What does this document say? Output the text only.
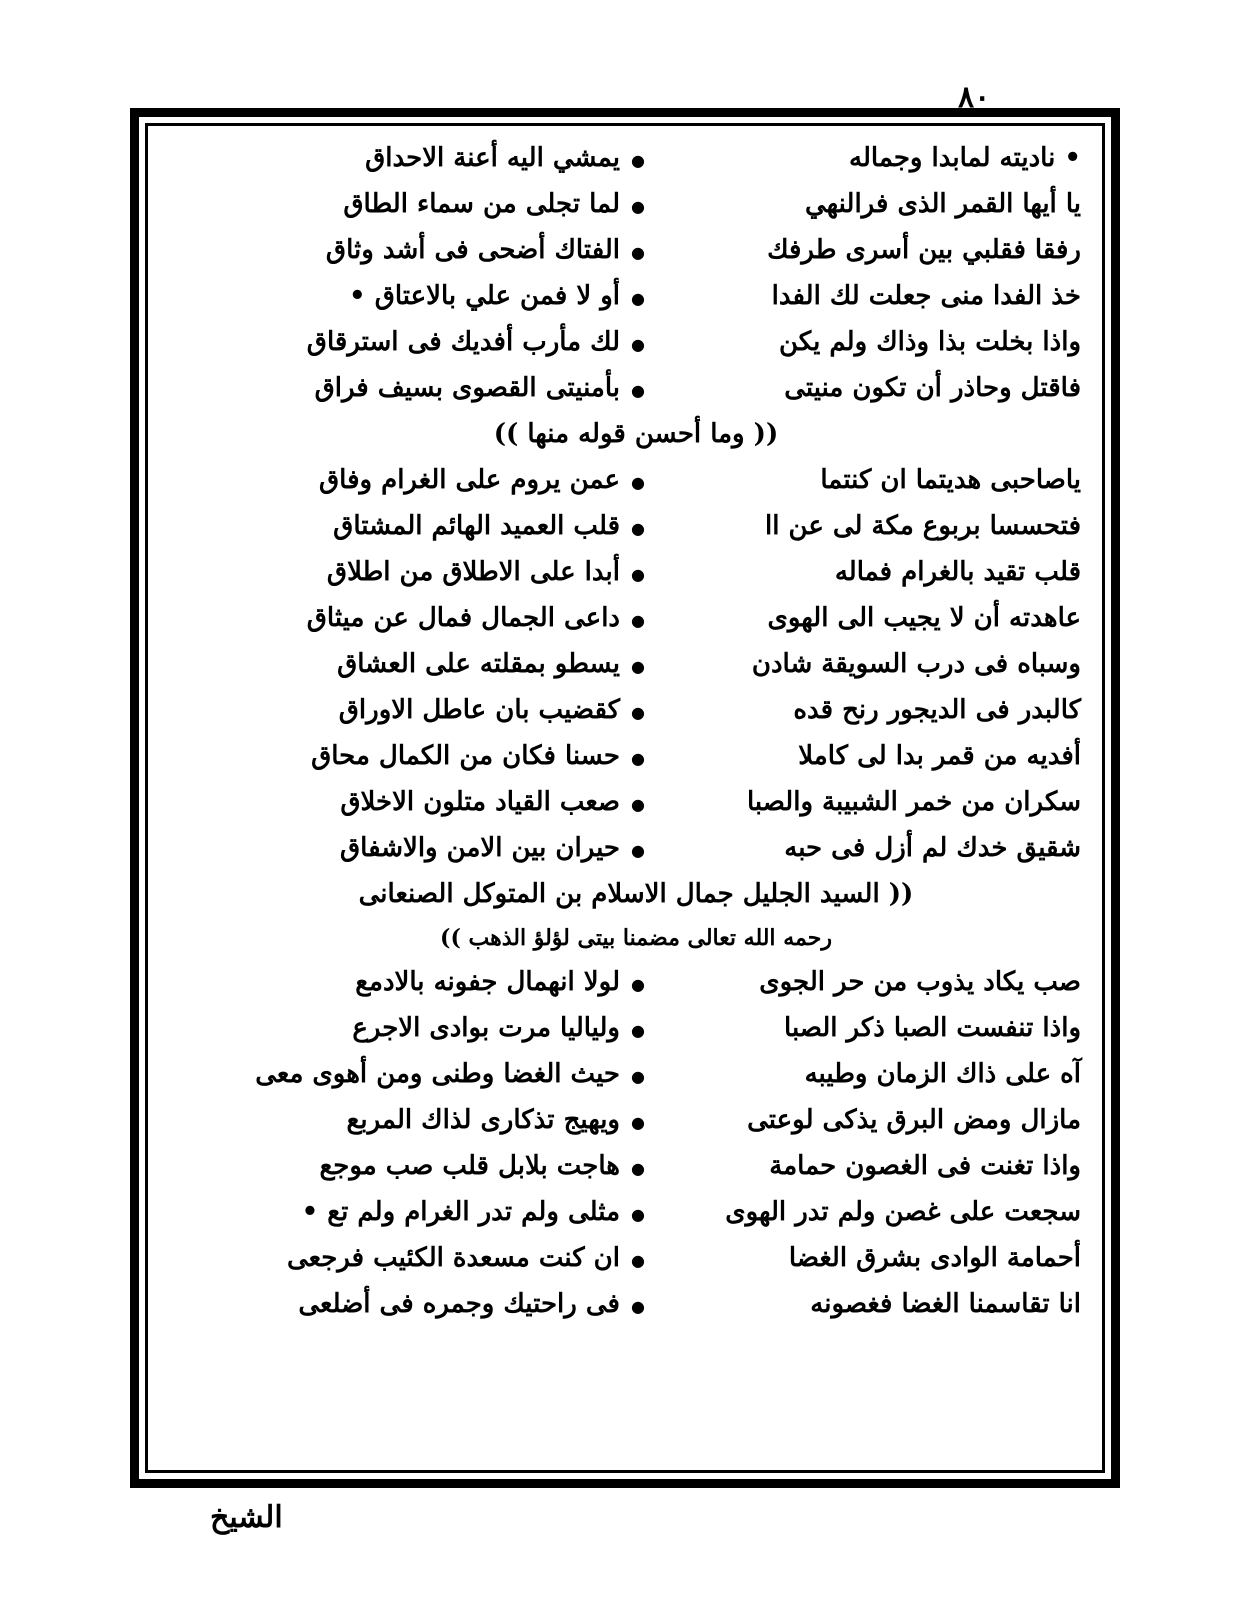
٨٠
• ناديته لمابدا وجماله
●
يمشي اليه أعنة الاحداق
يا أيها القمر الذى فرالنهي
●
لما تجلى من سماء الطاق
رفقا فقلبي بين أسرى طرفك
●
الفتاك أضحى فى أشد وثاق
خذ الفدا منى جعلت لك الفدا
●
أو لا فمن علي بالاعتاق •
واذا بخلت بذا وذاك ولم يكن
●
لك مأرب أفديك فى استرقاق
فاقتل وحاذر أن تكون منيتى
●
بأمنيتى القصوى بسيف فراق
(( وما أحسن قوله منها ))
ياصاحبى هديتما ان كنتما
●
عمن يروم على الغرام وفاق
فتحسسا بربوع مكة لى عن اا
●
قلب العميد الهائم المشتاق
قلب تقيد بالغرام فماله
●
أبدا على الاطلاق من اطلاق
عاهدته أن لا يجيب الى الهوى
●
داعى الجمال فمال عن ميثاق
وسباه فى درب السويقة شادن
●
يسطو بمقلته على العشاق
كالبدر فى الديجور رنح قده
●
كقضيب بان عاطل الاوراق
أفديه من قمر بدا لى كاملا
●
حسنا فكان من الكمال محاق
سكران من خمر الشبيبة والصبا
●
صعب القياد متلون الاخلاق
شقيق خدك لم أزل فى حبه
●
حيران بين الامن والاشفاق
(( السيد الجليل جمال الاسلام بن المتوكل الصنعانى
رحمه الله تعالى مضمنا بيتى لؤلؤ الذهب ))
صب يكاد يذوب من حر الجوى
●
لولا انهمال جفونه بالادمع
واذا تنفست الصبا ذكر الصبا
●
ولياليا مرت بوادى الاجرع
آه على ذاك الزمان وطيبه
●
حيث الغضا وطنى ومن أهوى معى
مازال ومض البرق يذكى لوعتى
●
ويهيج تذكارى لذاك المربع
واذا تغنت فى الغصون حمامة
●
هاجت بلابل قلب صب موجع
سجعت على غصن ولم تدر الهوى
●
مثلى ولم تدر الغرام ولم تع •
أحمامة الوادى بشرق الغضا
●
ان كنت مسعدة الكئيب فرجعى
انا تقاسمنا الغضا فغصونه
●
فى راحتيك وجمره فى أضلعى
الشيخ
